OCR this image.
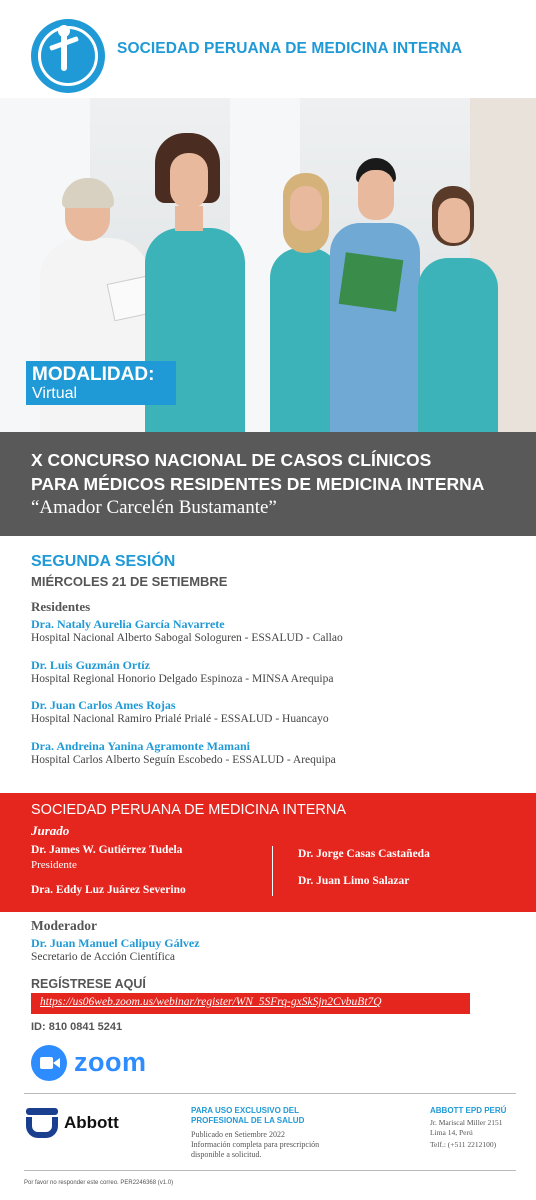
SOCIEDAD PERUANA DE MEDICINA INTERNA
MODALIDAD:
Virtual
X CONCURSO NACIONAL DE CASOS CLÍNICOS
PARA MÉDICOS RESIDENTES DE MEDICINA INTERNA
“Amador Carcelén Bustamante”
SEGUNDA SESIÓN
MIÉRCOLES 21 DE SETIEMBRE
Residentes
Dra. Nataly Aurelia García Navarrete
Hospital Nacional Alberto Sabogal Sologuren - ESSALUD - Callao
Dr. Luis Guzmán Ortíz
Hospital Regional Honorio Delgado Espinoza - MINSA Arequipa
Dr. Juan Carlos Ames Rojas
Hospital Nacional Ramiro Prialé Prialé - ESSALUD - Huancayo
Dra. Andreina Yanina Agramonte Mamani
Hospital Carlos Alberto Seguín Escobedo - ESSALUD - Arequipa
SOCIEDAD PERUANA DE MEDICINA INTERNA
Jurado
Dr. James W. Gutiérrez Tudela
Presidente
Dra. Eddy Luz Juárez Severino
Dr. Jorge Casas Castañeda
Dr. Juan Limo Salazar
Moderador
Dr. Juan Manuel Calipuy Gálvez
Secretario de Acción Científica
REGÍSTRESE AQUÍ
https://us06web.zoom.us/webinar/register/WN_5SFrq-gxSkSjn2CvbuBt7Q
ID: 810 0841 5241
zoom
Abbott
PARA USO EXCLUSIVO DEL
PROFESIONAL DE LA SALUD
Publicado en Setiembre 2022
Información completa para prescripción
disponible a solicitud.
ABBOTT EPD PERÚ
Jr. Mariscal Miller 2151
Lima 14, Perú
Telf.: (+511 2212100)
Por favor no responder este correo. PER2246368 (v1.0)
